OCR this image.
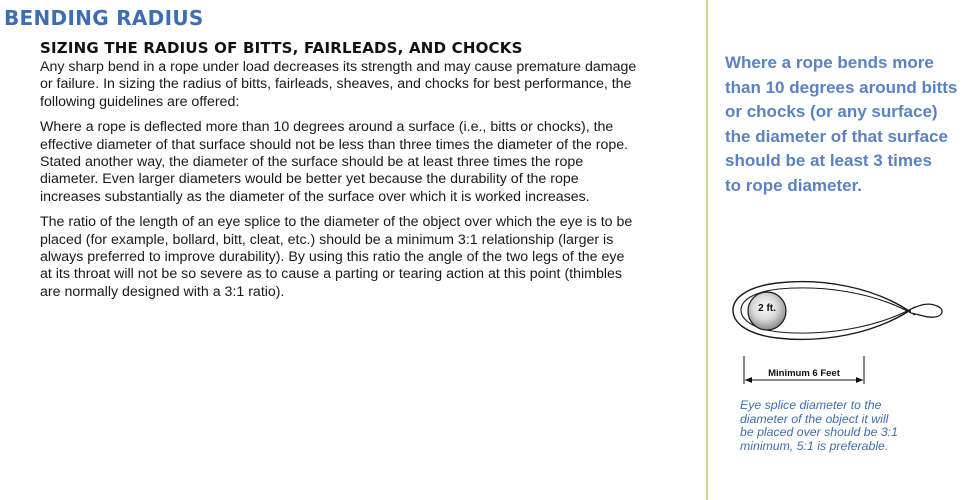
BENDING RADIUS
SIZING THE RADIUS OF BITTS, FAIRLEADS, AND CHOCKS

Any sharp bend in a rope under load decreases its strength and may cause premature damage or failure. In sizing the radius of bitts, fairleads, sheaves, and chocks for best performance, the following guidelines are offered:

Where a rope is deflected more than 10 degrees around a surface (i.e., bitts or chocks), the effective diameter of that surface should not be less than three times the diameter of the rope. Stated another way, the diameter of the surface should be at least three times the rope diameter. Even larger diameters would be better yet because the durability of the rope increases substantially as the diameter of the surface over which it is worked increases.

The ratio of the length of an eye splice to the diameter of the object over which the eye is to be placed (for example, bollard, bitt, cleat, etc.) should be a minimum 3:1 relationship (larger is always preferred to improve durability). By using this ratio the angle of the two legs of the eye at its throat will not be so severe as to cause a parting or tearing action at this point (thimbles are normally designed with a 3:1 ratio).

Where a rope bends more
than 10 degrees around bitts
or chocks (or any surface)
the diameter of that surface
should be at least 3 times
to rope diameter.
2 ft.
Minimum 6 Feet
Eye splice diameter to the
diameter of the object it will
be placed over should be 3:1
minimum, 5:1 is preferable.
